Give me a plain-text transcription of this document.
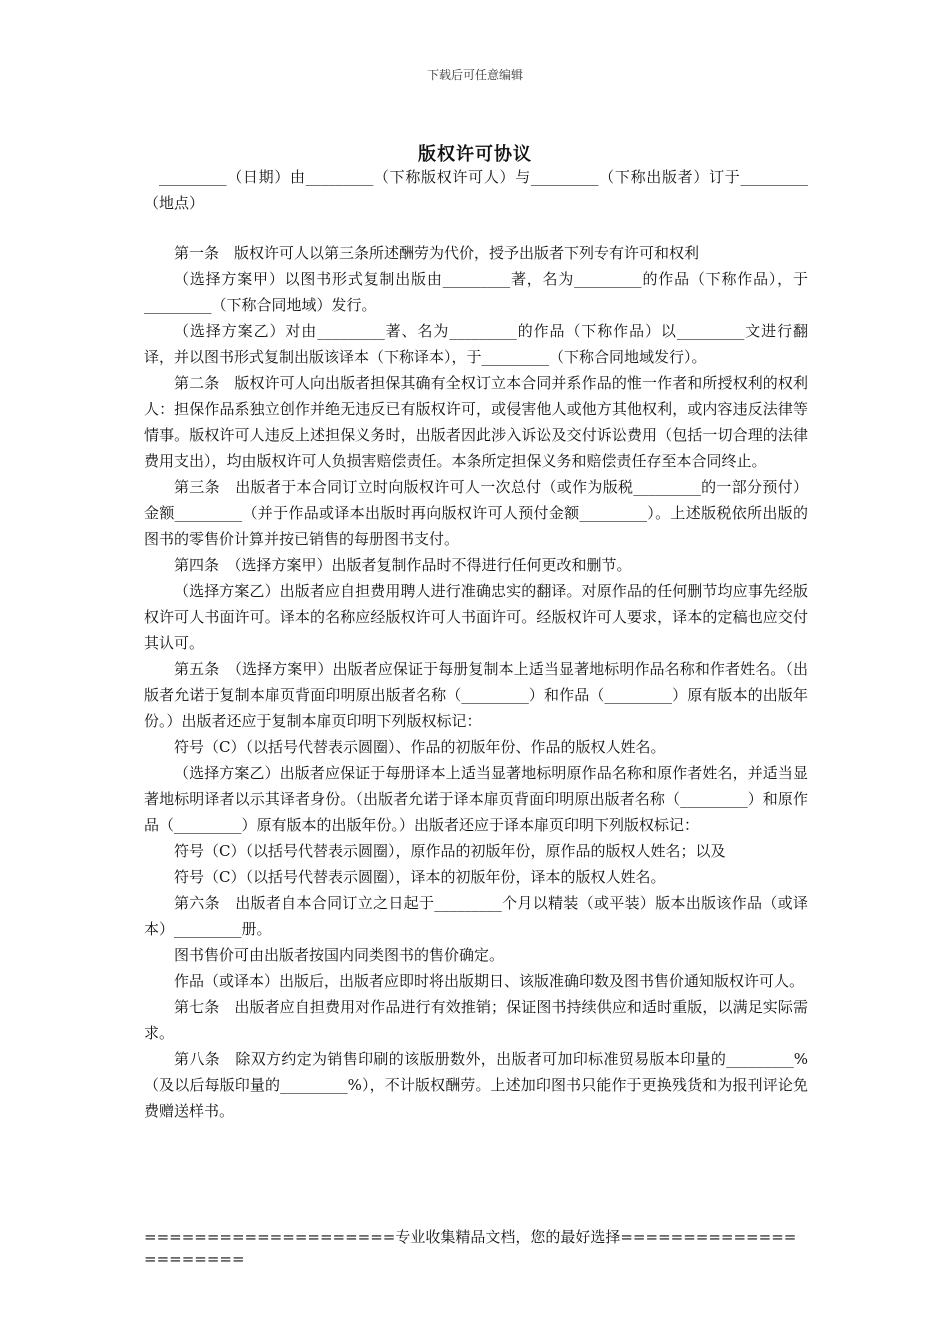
下载后可任意编辑
版权许可协议

_________（日期）由_________（下称版权许可人）与_________（下称出版者）订于_________（地点）

第一条　版权许可人以第三条所述酬劳为代价，授予出版者下列专有许可和权利

（选择方案甲）以图书形式复制出版由_________著，名为_________的作品（下称作品），于_________（下称合同地域）发行。

（选择方案乙）对由_________著、名为_________的作品（下称作品）以_________文进行翻译，并以图书形式复制出版该译本（下称译本），于_________（下称合同地域发行）。

第二条　版权许可人向出版者担保其确有全权订立本合同并系作品的惟一作者和所授权利的权利人：担保作品系独立创作并绝无违反已有版权许可，或侵害他人或他方其他权利，或内容违反法律等情事。版权许可人违反上述担保义务时，出版者因此涉入诉讼及交付诉讼费用（包括一切合理的法律费用支出），均由版权许可人负损害赔偿责任。本条所定担保义务和赔偿责任存至本合同终止。

第三条　出版者于本合同订立时向版权许可人一次总付（或作为版税_________的一部分预付）金额_________（并于作品或译本出版时再向版权许可人预付金额_________）。上述版税依所出版的图书的零售价计算并按已销售的每册图书支付。

第四条　（选择方案甲）出版者复制作品时不得进行任何更改和删节。

（选择方案乙）出版者应自担费用聘人进行准确忠实的翻译。对原作品的任何删节均应事先经版权许可人书面许可。译本的名称应经版权许可人书面许可。经版权许可人要求，译本的定稿也应交付其认可。

第五条　（选择方案甲）出版者应保证于每册复制本上适当显著地标明作品名称和作者姓名。（出版者允诺于复制本扉页背面印明原出版者名称（_________）和作品（_________）原有版本的出版年份。）出版者还应于复制本扉页印明下列版权标记：

符号（C）（以括号代替表示圆圈）、作品的初版年份、作品的版权人姓名。

（选择方案乙）出版者应保证于每册译本上适当显著地标明原作品名称和原作者姓名，并适当显著地标明译者以示其译者身份。（出版者允诺于译本扉页背面印明原出版者名称（_________）和原作品（_________）原有版本的出版年份。）出版者还应于译本扉页印明下列版权标记：

符号（C）（以括号代替表示圆圈），原作品的初版年份，原作品的版权人姓名；以及

符号（C）（以括号代替表示圆圈），译本的初版年份，译本的版权人姓名。

第六条　出版者自本合同订立之日起于_________个月以精装（或平装）版本出版该作品（或译本）_________册。

图书售价可由出版者按国内同类图书的售价确定。

作品（或译本）出版后，出版者应即时将出版期日、该版准确印数及图书售价通知版权许可人。

第七条　出版者应自担费用对作品进行有效推销；保证图书持续供应和适时重版，以满足实际需求。

第八条　除双方约定为销售印刷的该版册数外，出版者可加印标准贸易版本印量的_________%（及以后每版印量的_________%），不计版权酬劳。上述加印图书只能作于更换残货和为报刊评论免费赠送样书。

====================专业收集精品文档，您的最好选择======================
